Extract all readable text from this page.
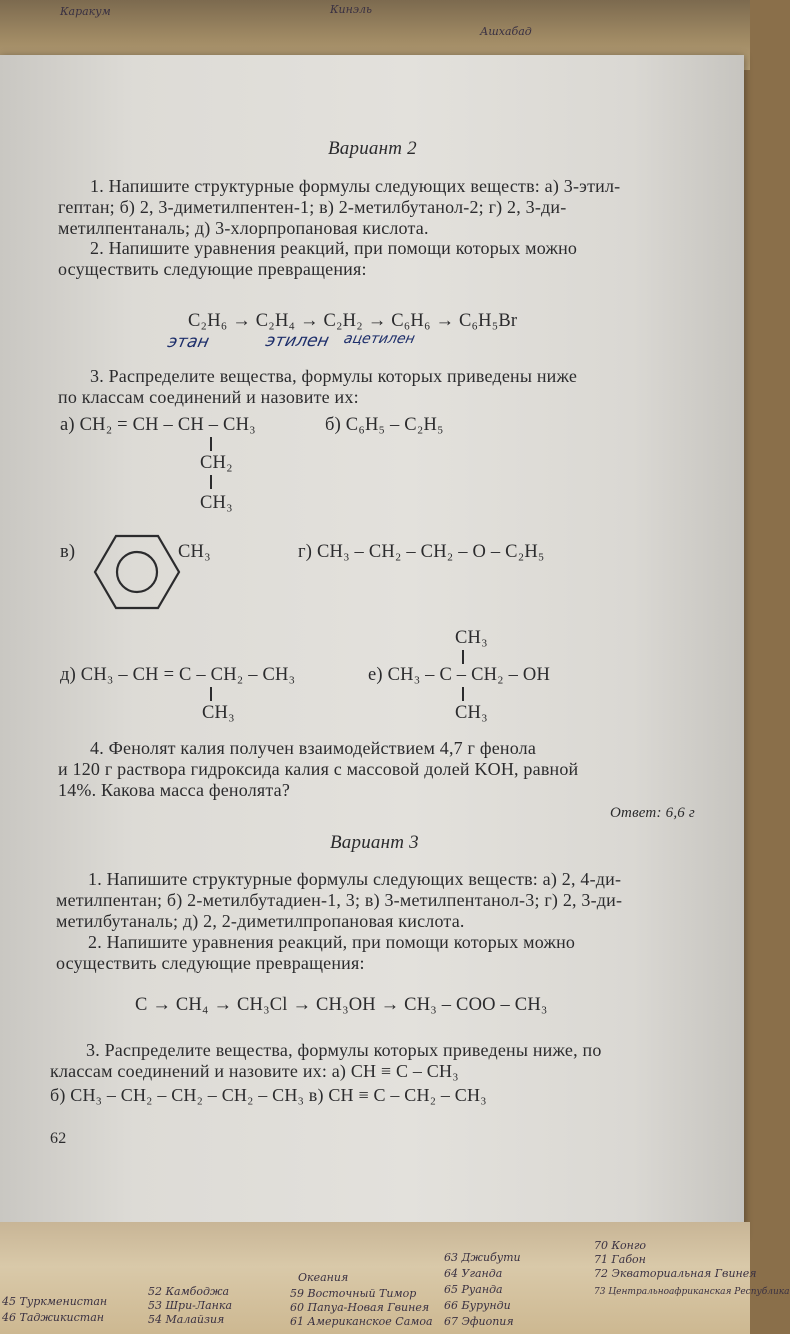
Каракум	Кинэль
Ашхабад
Вариант 2
1. Напишите структурные формулы следующих веществ: а) 3-этил-
гептан; б) 2, 3-диметилпентен-1; в) 2-метилбутанол-2; г) 2, 3-ди-
метилпентаналь; д) 3-хлорпропановая кислота.
2. Напишите уравнения реакций, при помощи которых можно
осуществить следующие превращения:
C₂H₆ → C₂H₄ → C₂H₂ → C₆H₆ → C₆H₅Br
этан	этилен ацетилен
3. Распределите вещества, формулы которых приведены ниже
по классам соединений и назовите их:
а) CH₂ = CH – CH – CH₃
CH₂
CH₃
б) C₆H₅ – C₂H₅
в)	CH₃	г) CH₃ – CH₂ – CH₂ – O – C₂H₅
CH₃
д) CH₃ – CH = C – CH₂ – CH₃
CH₃
е) CH₃ – C – CH₂ – OH
CH₃
4. Фенолят калия получен взаимодействием 4,7 г фенола
и 120 г раствора гидроксида калия с массовой долей KOH, равной
14%. Какова масса фенолята?
Ответ: 6,6 г
Вариант 3
1. Напишите структурные формулы следующих веществ: а) 2, 4-ди-
метилпентан; б) 2-метилбутадиен-1, 3; в) 3-метилпентанол-3; г) 2, 3-ди-
метилбутаналь; д) 2, 2-диметилпропановая кислота.
2. Напишите уравнения реакций, при помощи которых можно
осуществить следующие превращения:
C → CH₄ → CH₃Cl → CH₃OH → CH₃ – COO – CH₃
3. Распределите вещества, формулы которых приведены ниже, по
классам соединений и назовите их: а) CH ≡ C – CH₃
б) CH₃ – CH₂ – CH₂ – CH₂ – CH₃ в) CH ≡ C – CH₂ – CH₃
62
45 Туркменистан
46 Таджикистан
52 Камбоджа
53 Шри-Ланка
54 Малайзия
Океания
59 Восточный Тимор
60 Папуа-Новая Гвинея
61 Американское Самоа
63 Джибути
64 Уганда
65 Руанда
66 Бурунди
67 Эфиопия
70 Конго
71 Габон
72 Экваториальная Гвинея
73 Центральноафриканская Республика
